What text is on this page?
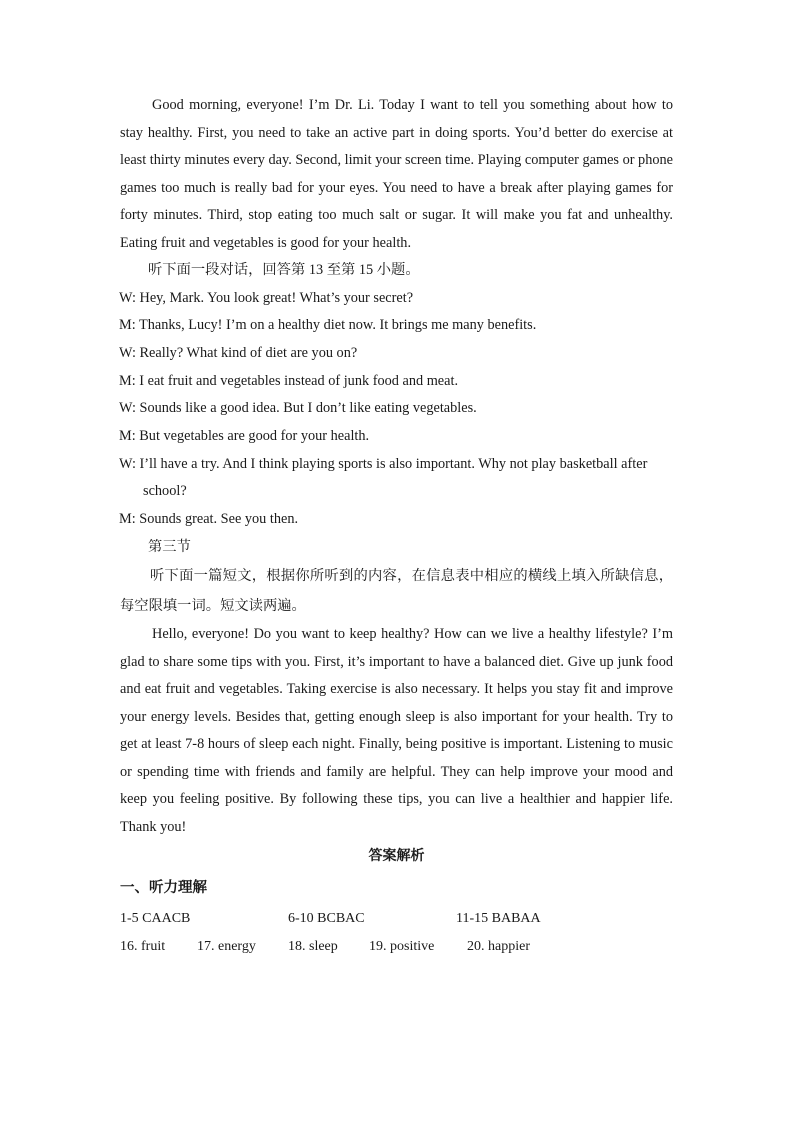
Good morning, everyone! I’m Dr. Li. Today I want to tell you something about how to stay healthy. First, you need to take an active part in doing sports. You’d better do exercise at least thirty minutes every day. Second, limit your screen time. Playing computer games or phone games too much is really bad for your eyes. You need to have a break after playing games for forty minutes. Third, stop eating too much salt or sugar. It will make you fat and unhealthy. Eating fruit and vegetables is good for your health.

听下面一段对话，回答第 13 至第 15 小题。

W: Hey, Mark. You look great! What’s your secret?
M: Thanks, Lucy! I’m on a healthy diet now. It brings me many benefits.
W: Really? What kind of diet are you on?
M: I eat fruit and vegetables instead of junk food and meat.
W: Sounds like a good idea. But I don’t like eating vegetables.
M: But vegetables are good for your health.
W: I’ll have a try. And I think playing sports is also important. Why not play basketball after school?
M: Sounds great. See you then.

第三节

听下面一篇短文，根据你所听到的内容，在信息表中相应的横线上填入所缺信息，每空限填一词。短文读两遍。

Hello, everyone! Do you want to keep healthy? How can we live a healthy lifestyle? I’m glad to share some tips with you. First, it’s important to have a balanced diet. Give up junk food and eat fruit and vegetables. Taking exercise is also necessary. It helps you stay fit and improve your energy levels. Besides that, getting enough sleep is also important for your health. Try to get at least 7-8 hours of sleep each night. Finally, being positive is important. Listening to music or spending time with friends and family are helpful. They can help improve your mood and keep you feeling positive. By following these tips, you can live a healthier and happier life. Thank you!

答案解析

一、听力理解

1-5 CAACB	6-10 BCBAC	11-15 BABAA

16. fruit 17. energy 18. sleep 19. positive 20. happier
